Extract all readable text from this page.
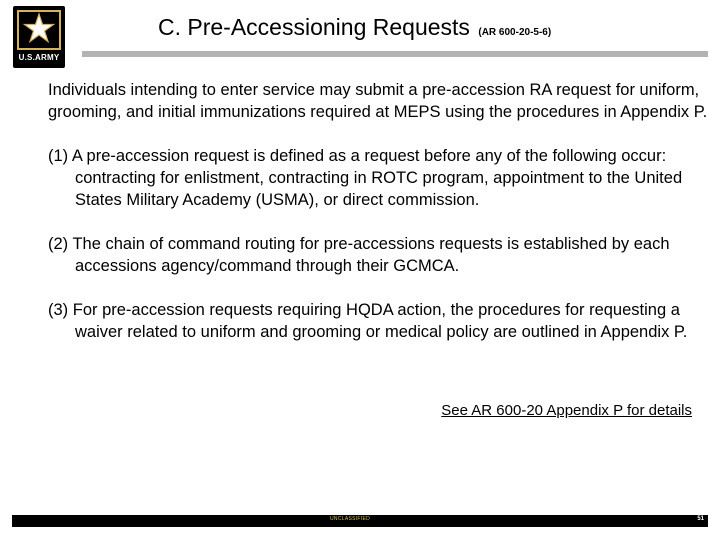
U.S.ARMY
C. Pre-Accessioning Requests (AR 600-20-5-6)

Individuals intending to enter service may submit a pre-accession RA request for uniform, grooming, and initial immunizations required at MEPS using the procedures in Appendix P.

(1) A pre-accession request is defined as a request before any of the following occur: contracting for enlistment, contracting in ROTC program, appointment to the United States Military Academy (USMA), or direct commission.

(2) The chain of command routing for pre-accessions requests is established by each accessions agency/command through their GCMCA.

(3) For pre-accession requests requiring HQDA action, the procedures for requesting a waiver related to uniform and grooming or medical policy are outlined in Appendix P.

See AR 600-20 Appendix P for details
UNCLASSIFIED	51
